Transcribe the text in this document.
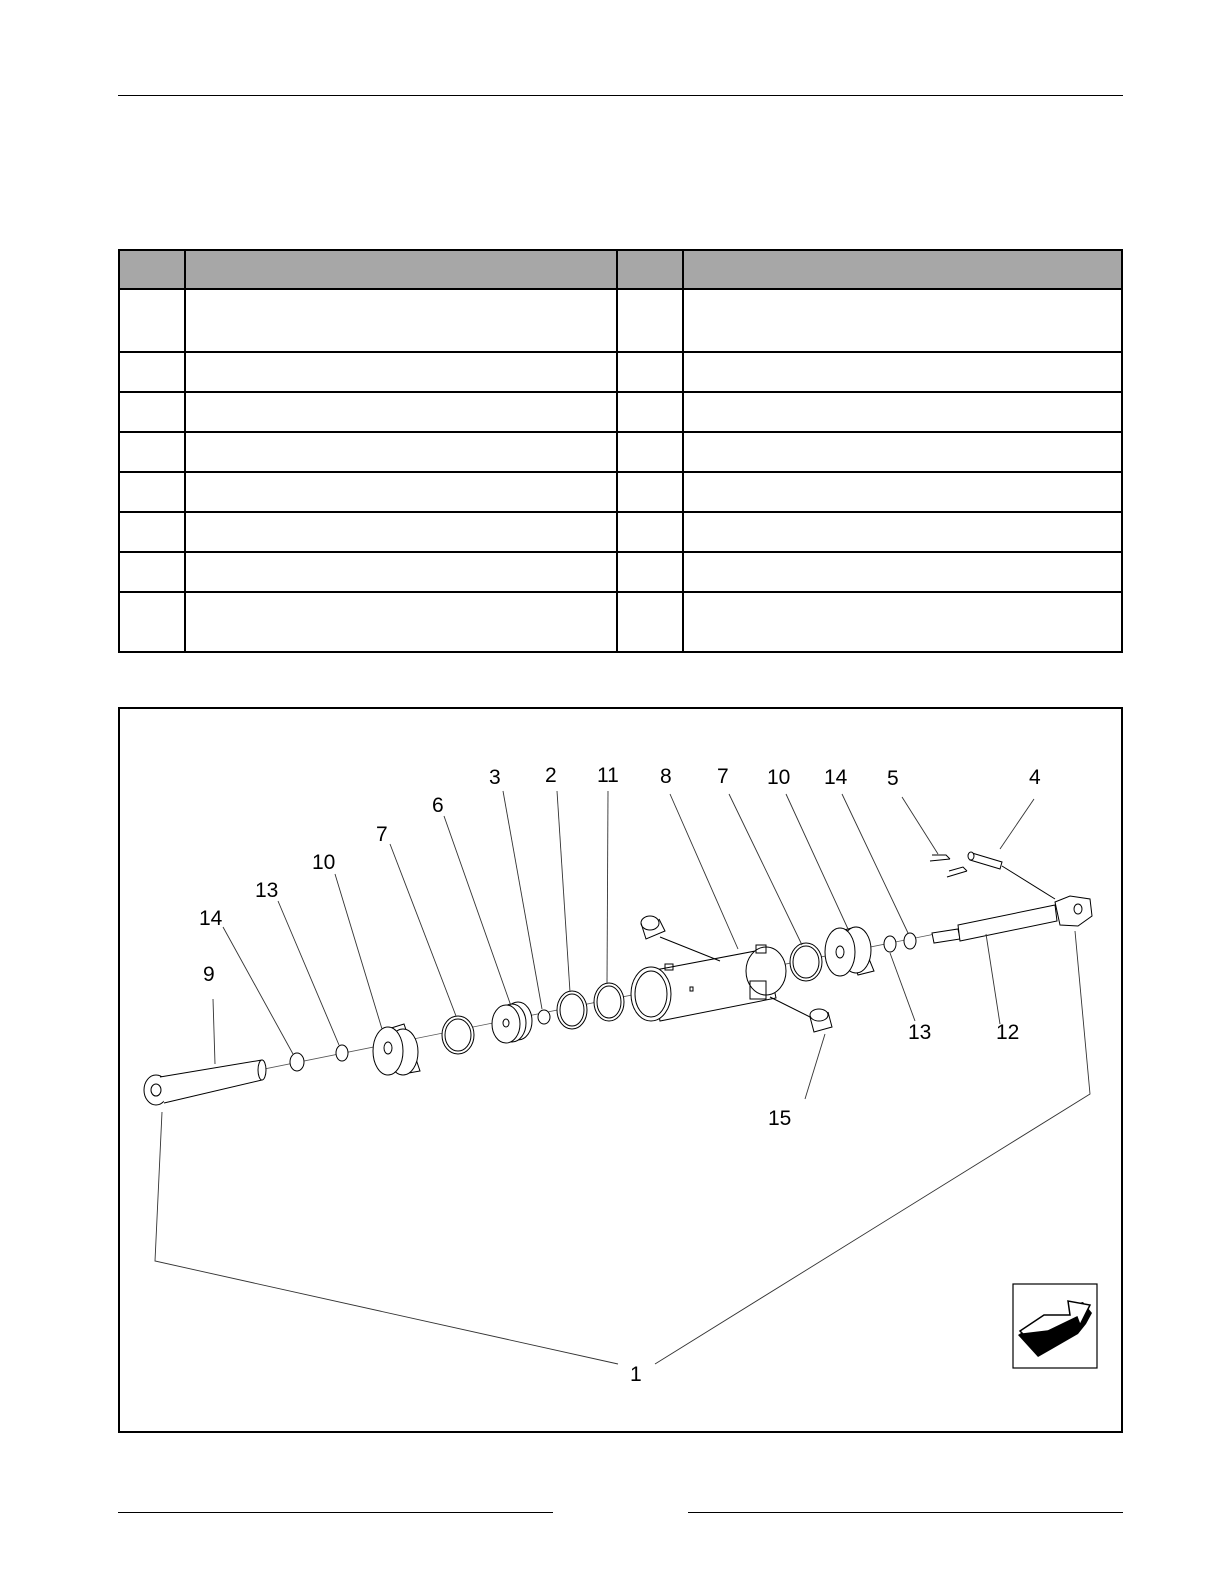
9
14
13
10
7
6
3 2 11 8 7 10 14 5	4
13	12
15
1
